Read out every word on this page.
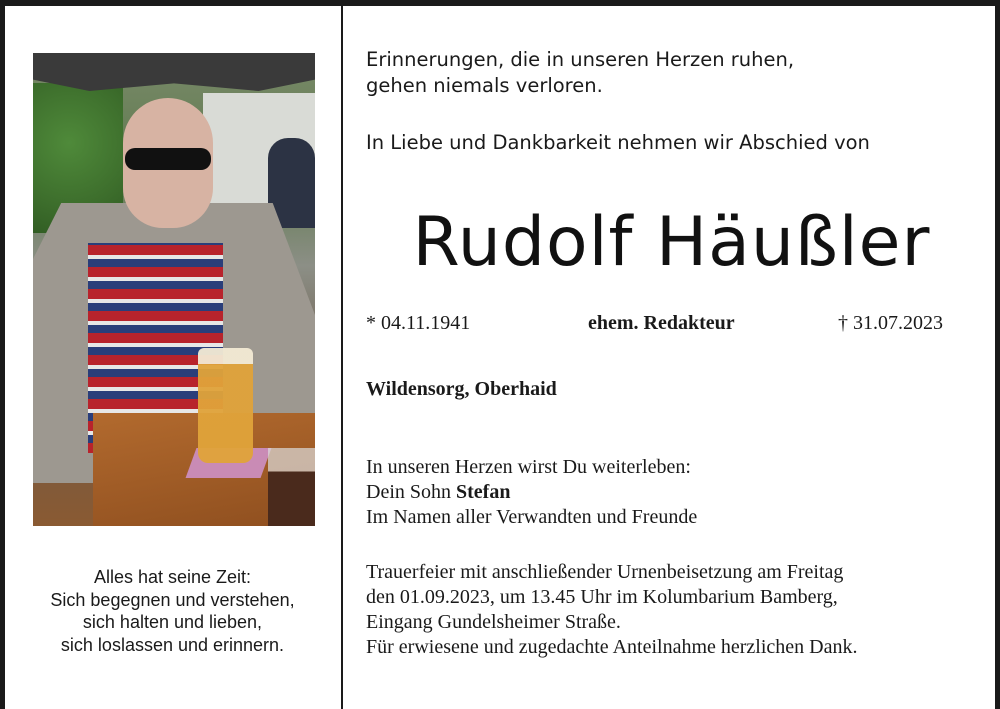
Alles hat seine Zeit:
Sich begegnen und verstehen,
sich halten und lieben,
sich loslassen und erinnern.
Erinnerungen, die in unseren Herzen ruhen,
gehen niemals verloren.
In Liebe und Dankbarkeit nehmen wir Abschied von
Rudolf Häußler
* 04.11.1941	ehem. Redakteur	† 31.07.2023
Wildensorg, Oberhaid
In unseren Herzen wirst Du weiterleben:
Dein Sohn Stefan
Im Namen aller Verwandten und Freunde
Trauerfeier mit anschließender Urnenbeisetzung am Freitag
den 01.09.2023, um 13.45 Uhr im Kolumbarium Bamberg,
Eingang Gundelsheimer Straße.
Für erwiesene und zugedachte Anteilnahme herzlichen Dank.
